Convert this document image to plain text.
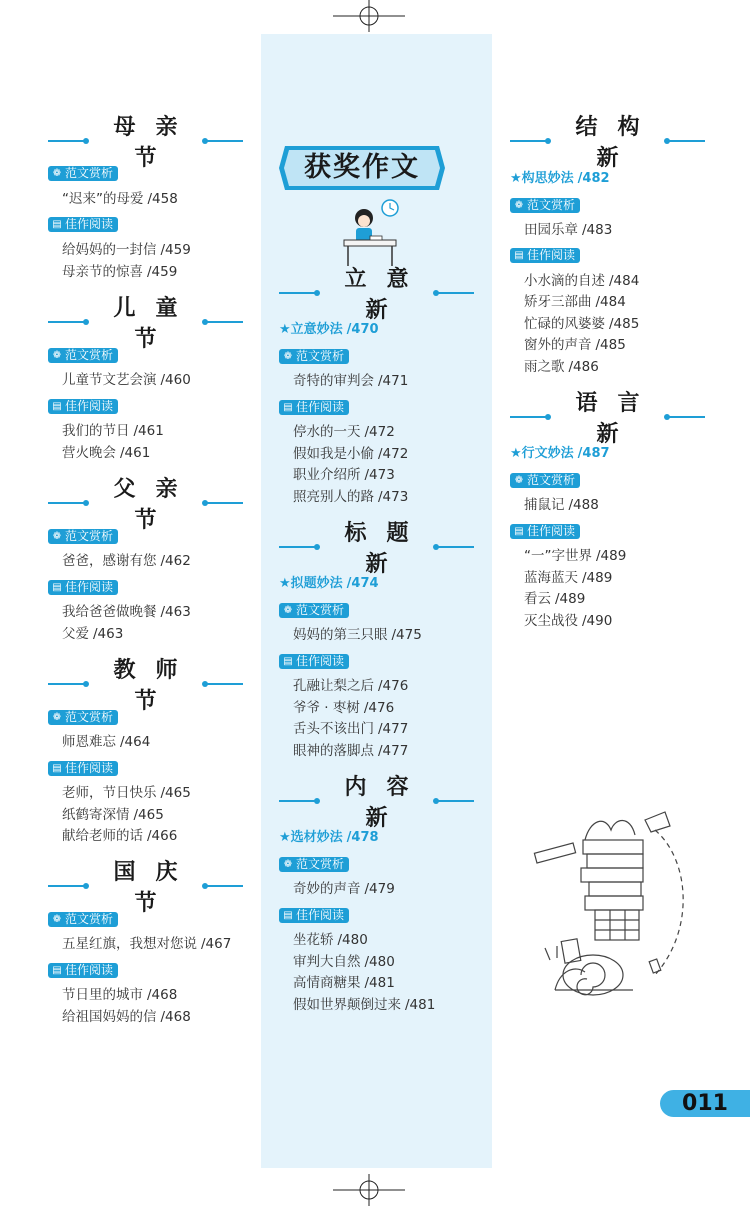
母亲节
❁ 范文赏析
“迟来”的母爱 /458
▤ 佳作阅读
给妈妈的一封信 /459
母亲节的惊喜 /459
儿童节
❁ 范文赏析
儿童节文艺会演 /460
▤ 佳作阅读
我们的节日 /461
营火晚会 /461
父亲节
❁ 范文赏析
爸爸，感谢有您 /462
▤ 佳作阅读
我给爸爸做晚餐 /463
父爱 /463
教师节
❁ 范文赏析
师恩难忘 /464
▤ 佳作阅读
老师，节日快乐 /465
纸鹤寄深情 /465
献给老师的话 /466
国庆节
❁ 范文赏析
五星红旗，我想对您说 /467
▤ 佳作阅读
节日里的城市 /468
给祖国妈妈的信 /468
获奖作文
立意新
★立意妙法 /470
❁ 范文赏析
奇特的审判会 /471
▤ 佳作阅读
停水的一天 /472
假如我是小偷 /472
职业介绍所 /473
照亮别人的路 /473
标题新
★拟题妙法 /474
❁ 范文赏析
妈妈的第三只眼 /475
▤ 佳作阅读
孔融让梨之后 /476
爷爷 · 枣树 /476
舌头不该出门 /477
眼神的落脚点 /477
内容新
★选材妙法 /478
❁ 范文赏析
奇妙的声音 /479
▤ 佳作阅读
坐花轿 /480
审判大自然 /480
高情商糖果 /481
假如世界颠倒过来 /481
结构新
★构思妙法 /482
❁ 范文赏析
田园乐章 /483
▤ 佳作阅读
小水滴的自述 /484
矫牙三部曲 /484
忙碌的风婆婆 /485
窗外的声音 /485
雨之歌 /486
语言新
★行文妙法 /487
❁ 范文赏析
捕鼠记 /488
▤ 佳作阅读
“一”字世界 /489
蓝海蓝天 /489
看云 /489
灭尘战役 /490
011
